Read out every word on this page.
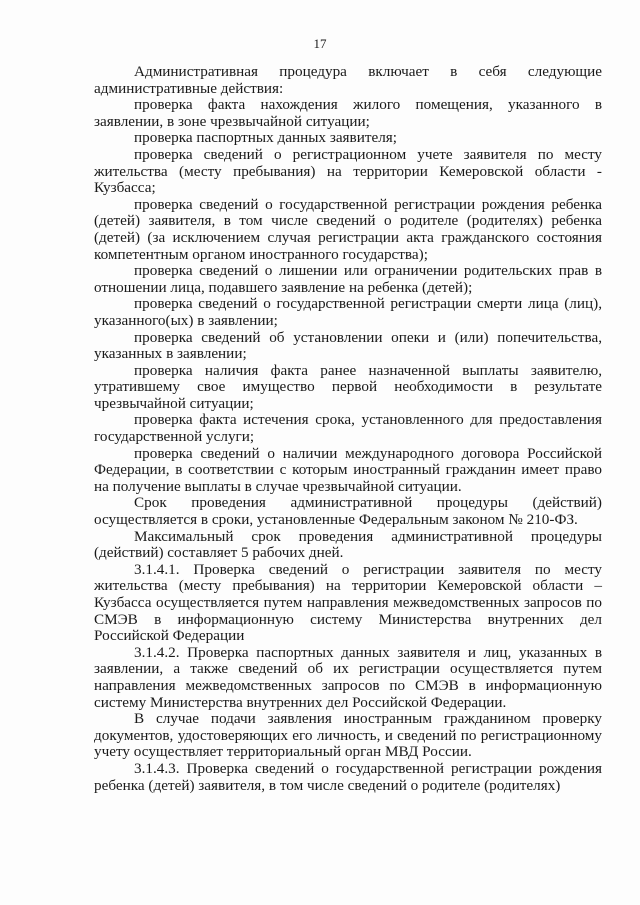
17

Административная процедура включает в себя следующие административные действия:

проверка факта нахождения жилого помещения, указанного в заявлении, в зоне чрезвычайной ситуации;

проверка паспортных данных заявителя;

проверка сведений о регистрационном учете заявителя по месту жительства (месту пребывания) на территории Кемеровской области - Кузбасса;

проверка сведений о государственной регистрации рождения ребенка (детей) заявителя, в том числе сведений о родителе (родителях) ребенка (детей) (за исключением случая регистрации акта гражданского состояния компетентным органом иностранного государства);

проверка сведений о лишении или ограничении родительских прав в отношении лица, подавшего заявление на ребенка (детей);

проверка сведений о государственной регистрации смерти лица (лиц), указанного(ых) в заявлении;

проверка сведений об установлении опеки и (или) попечительства, указанных в заявлении;

проверка наличия факта ранее назначенной выплаты заявителю, утратившему свое имущество первой необходимости в результате чрезвычайной ситуации;

проверка факта истечения срока, установленного для предоставления государственной услуги;

проверка сведений о наличии международного договора Российской Федерации, в соответствии с которым иностранный гражданин имеет право на получение выплаты в случае чрезвычайной ситуации.

Срок проведения административной процедуры (действий) осуществляется в сроки, установленные Федеральным законом № 210-ФЗ.

Максимальный срок проведения административной процедуры (действий) составляет 5 рабочих дней.

3.1.4.1. Проверка сведений о регистрации заявителя по месту жительства (месту пребывания) на территории Кемеровской области – Кузбасса осуществляется путем направления межведомственных запросов по СМЭВ в информационную систему Министерства внутренних дел Российской Федерации

3.1.4.2. Проверка паспортных данных заявителя и лиц, указанных в заявлении, а также сведений об их регистрации осуществляется путем направления межведомственных запросов по СМЭВ в информационную систему Министерства внутренних дел Российской Федерации.

В случае подачи заявления иностранным гражданином проверку документов, удостоверяющих его личность, и сведений по регистрационному учету осуществляет территориальный орган МВД России.

3.1.4.3. Проверка сведений о государственной регистрации рождения ребенка (детей) заявителя, в том числе сведений о родителе (родителях)
